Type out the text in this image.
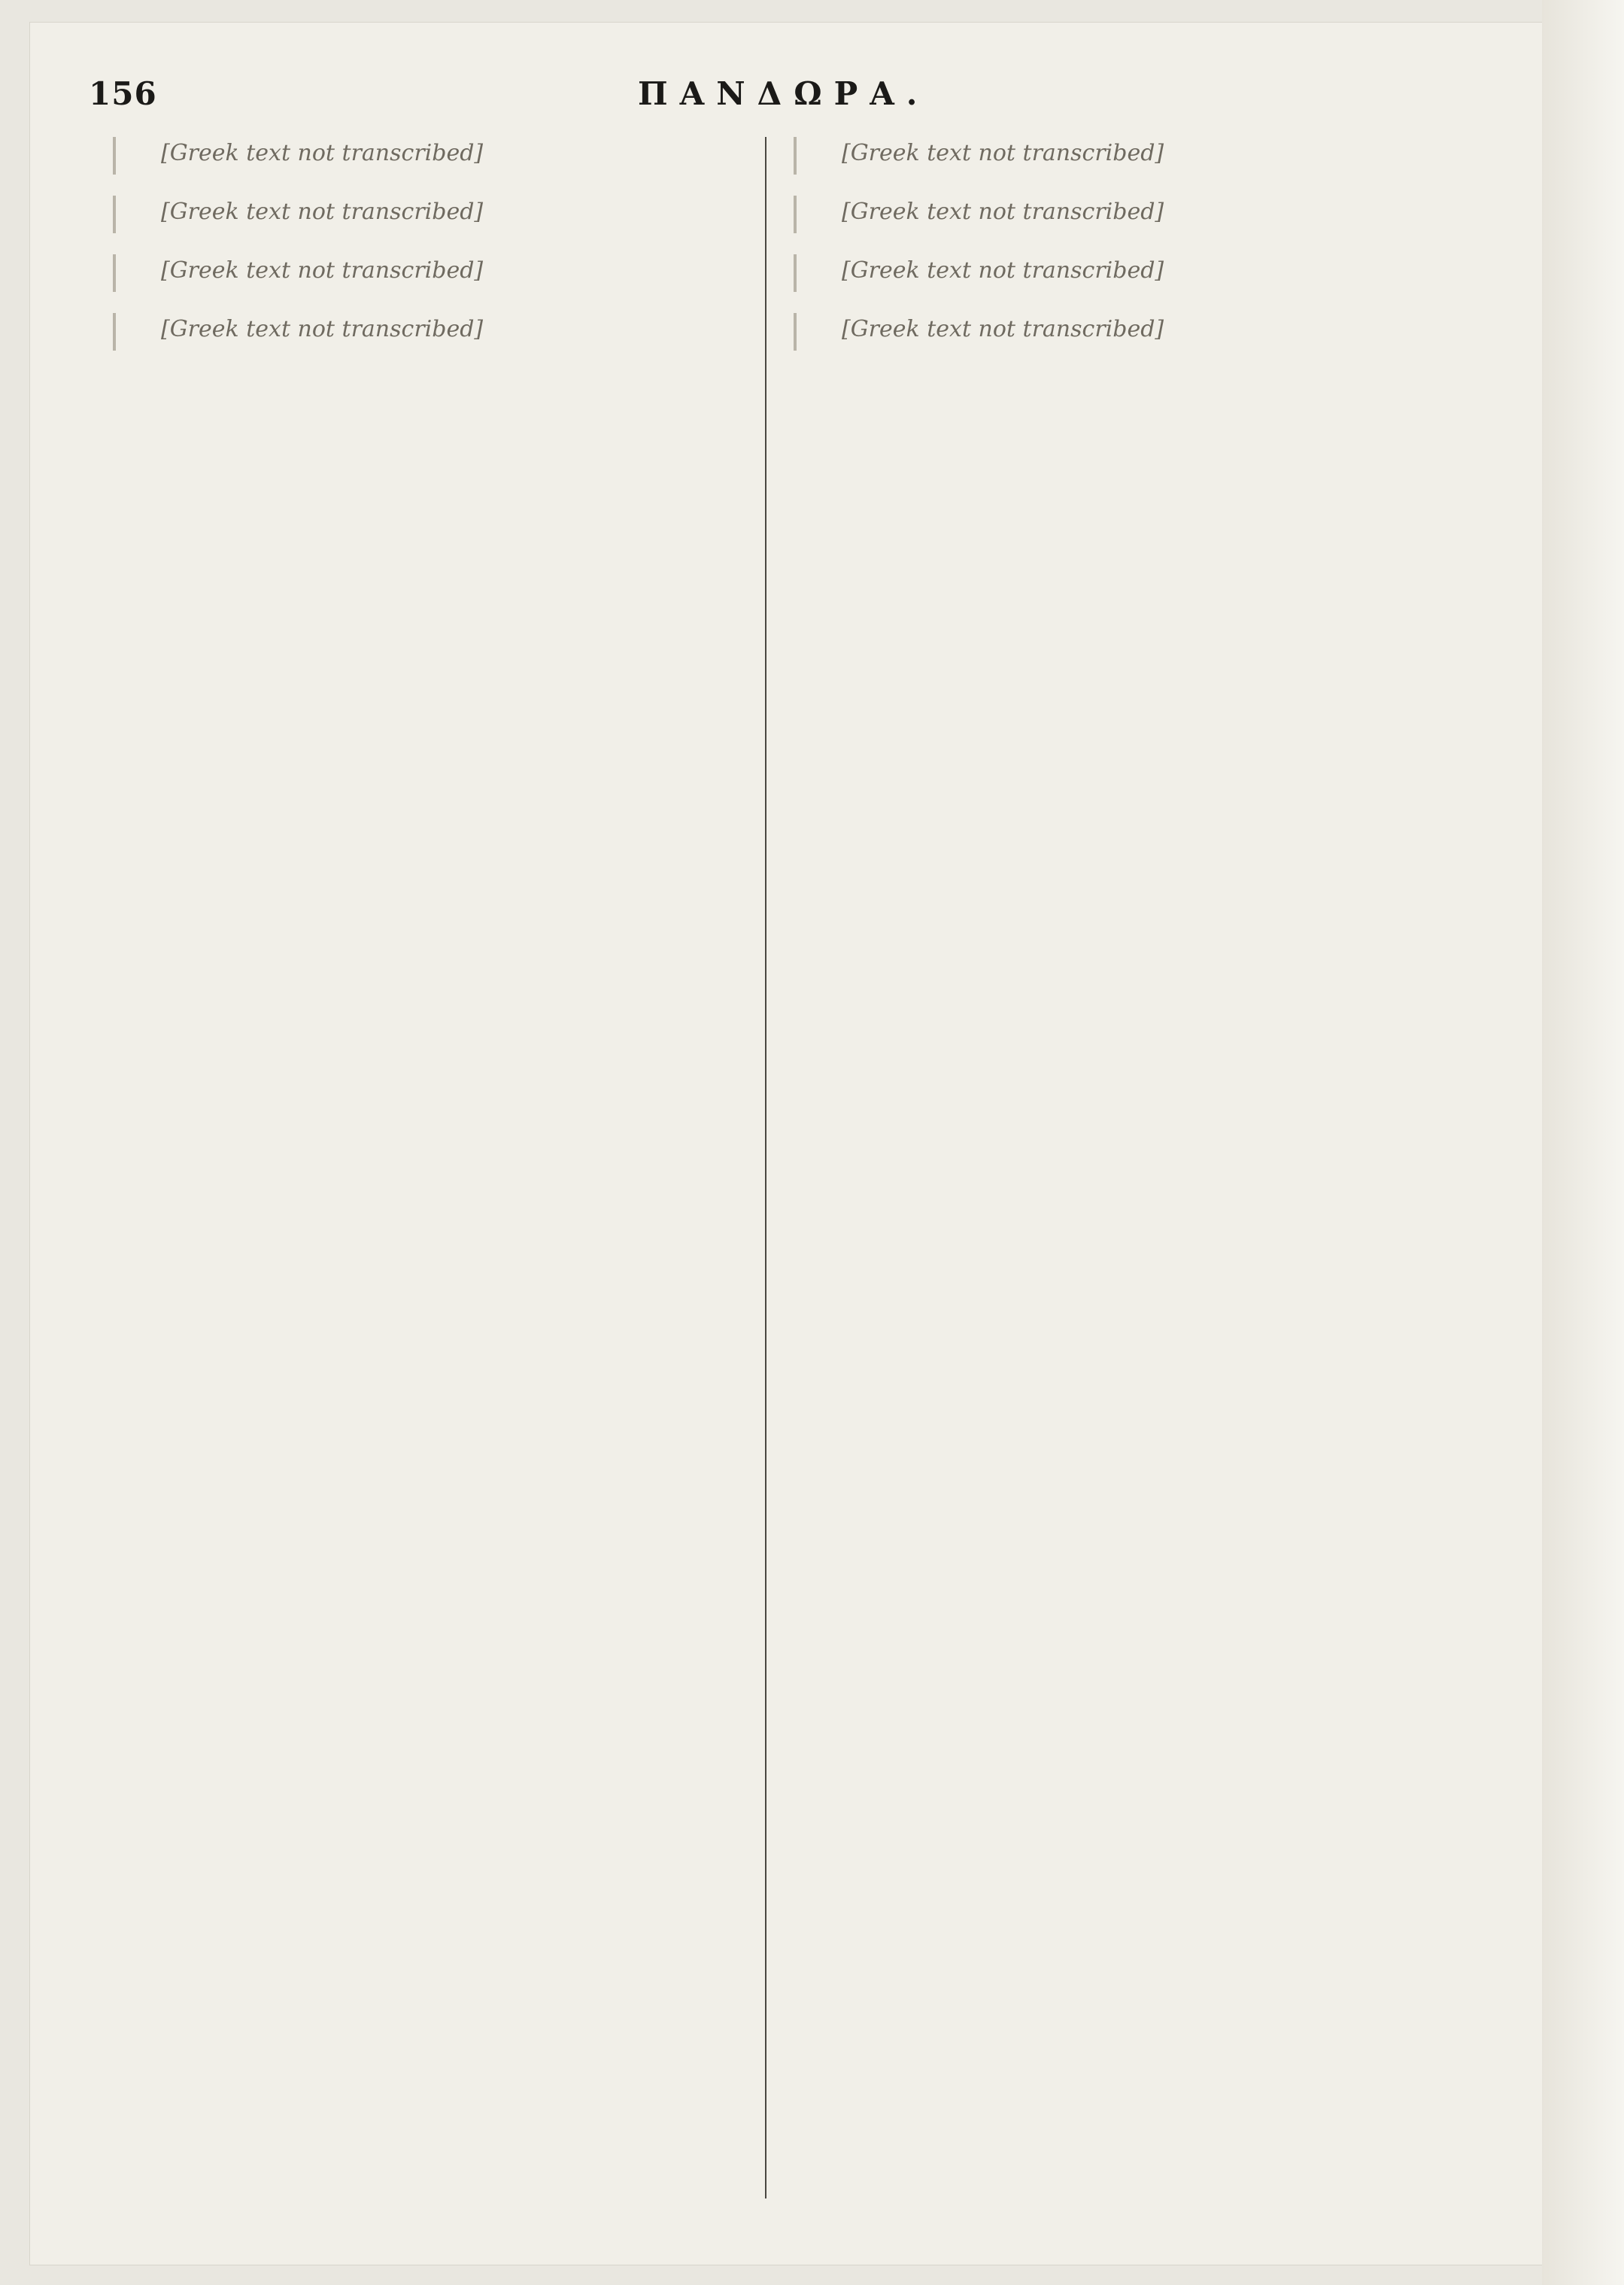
156	ΠΑΝΔΩΡΑ.

[Greek text not transcribed]

[Greek text not transcribed]

[Greek text not transcribed]

[Greek text not transcribed]

[Greek text not transcribed]

[Greek text not transcribed]

[Greek text not transcribed]

[Greek text not transcribed]
